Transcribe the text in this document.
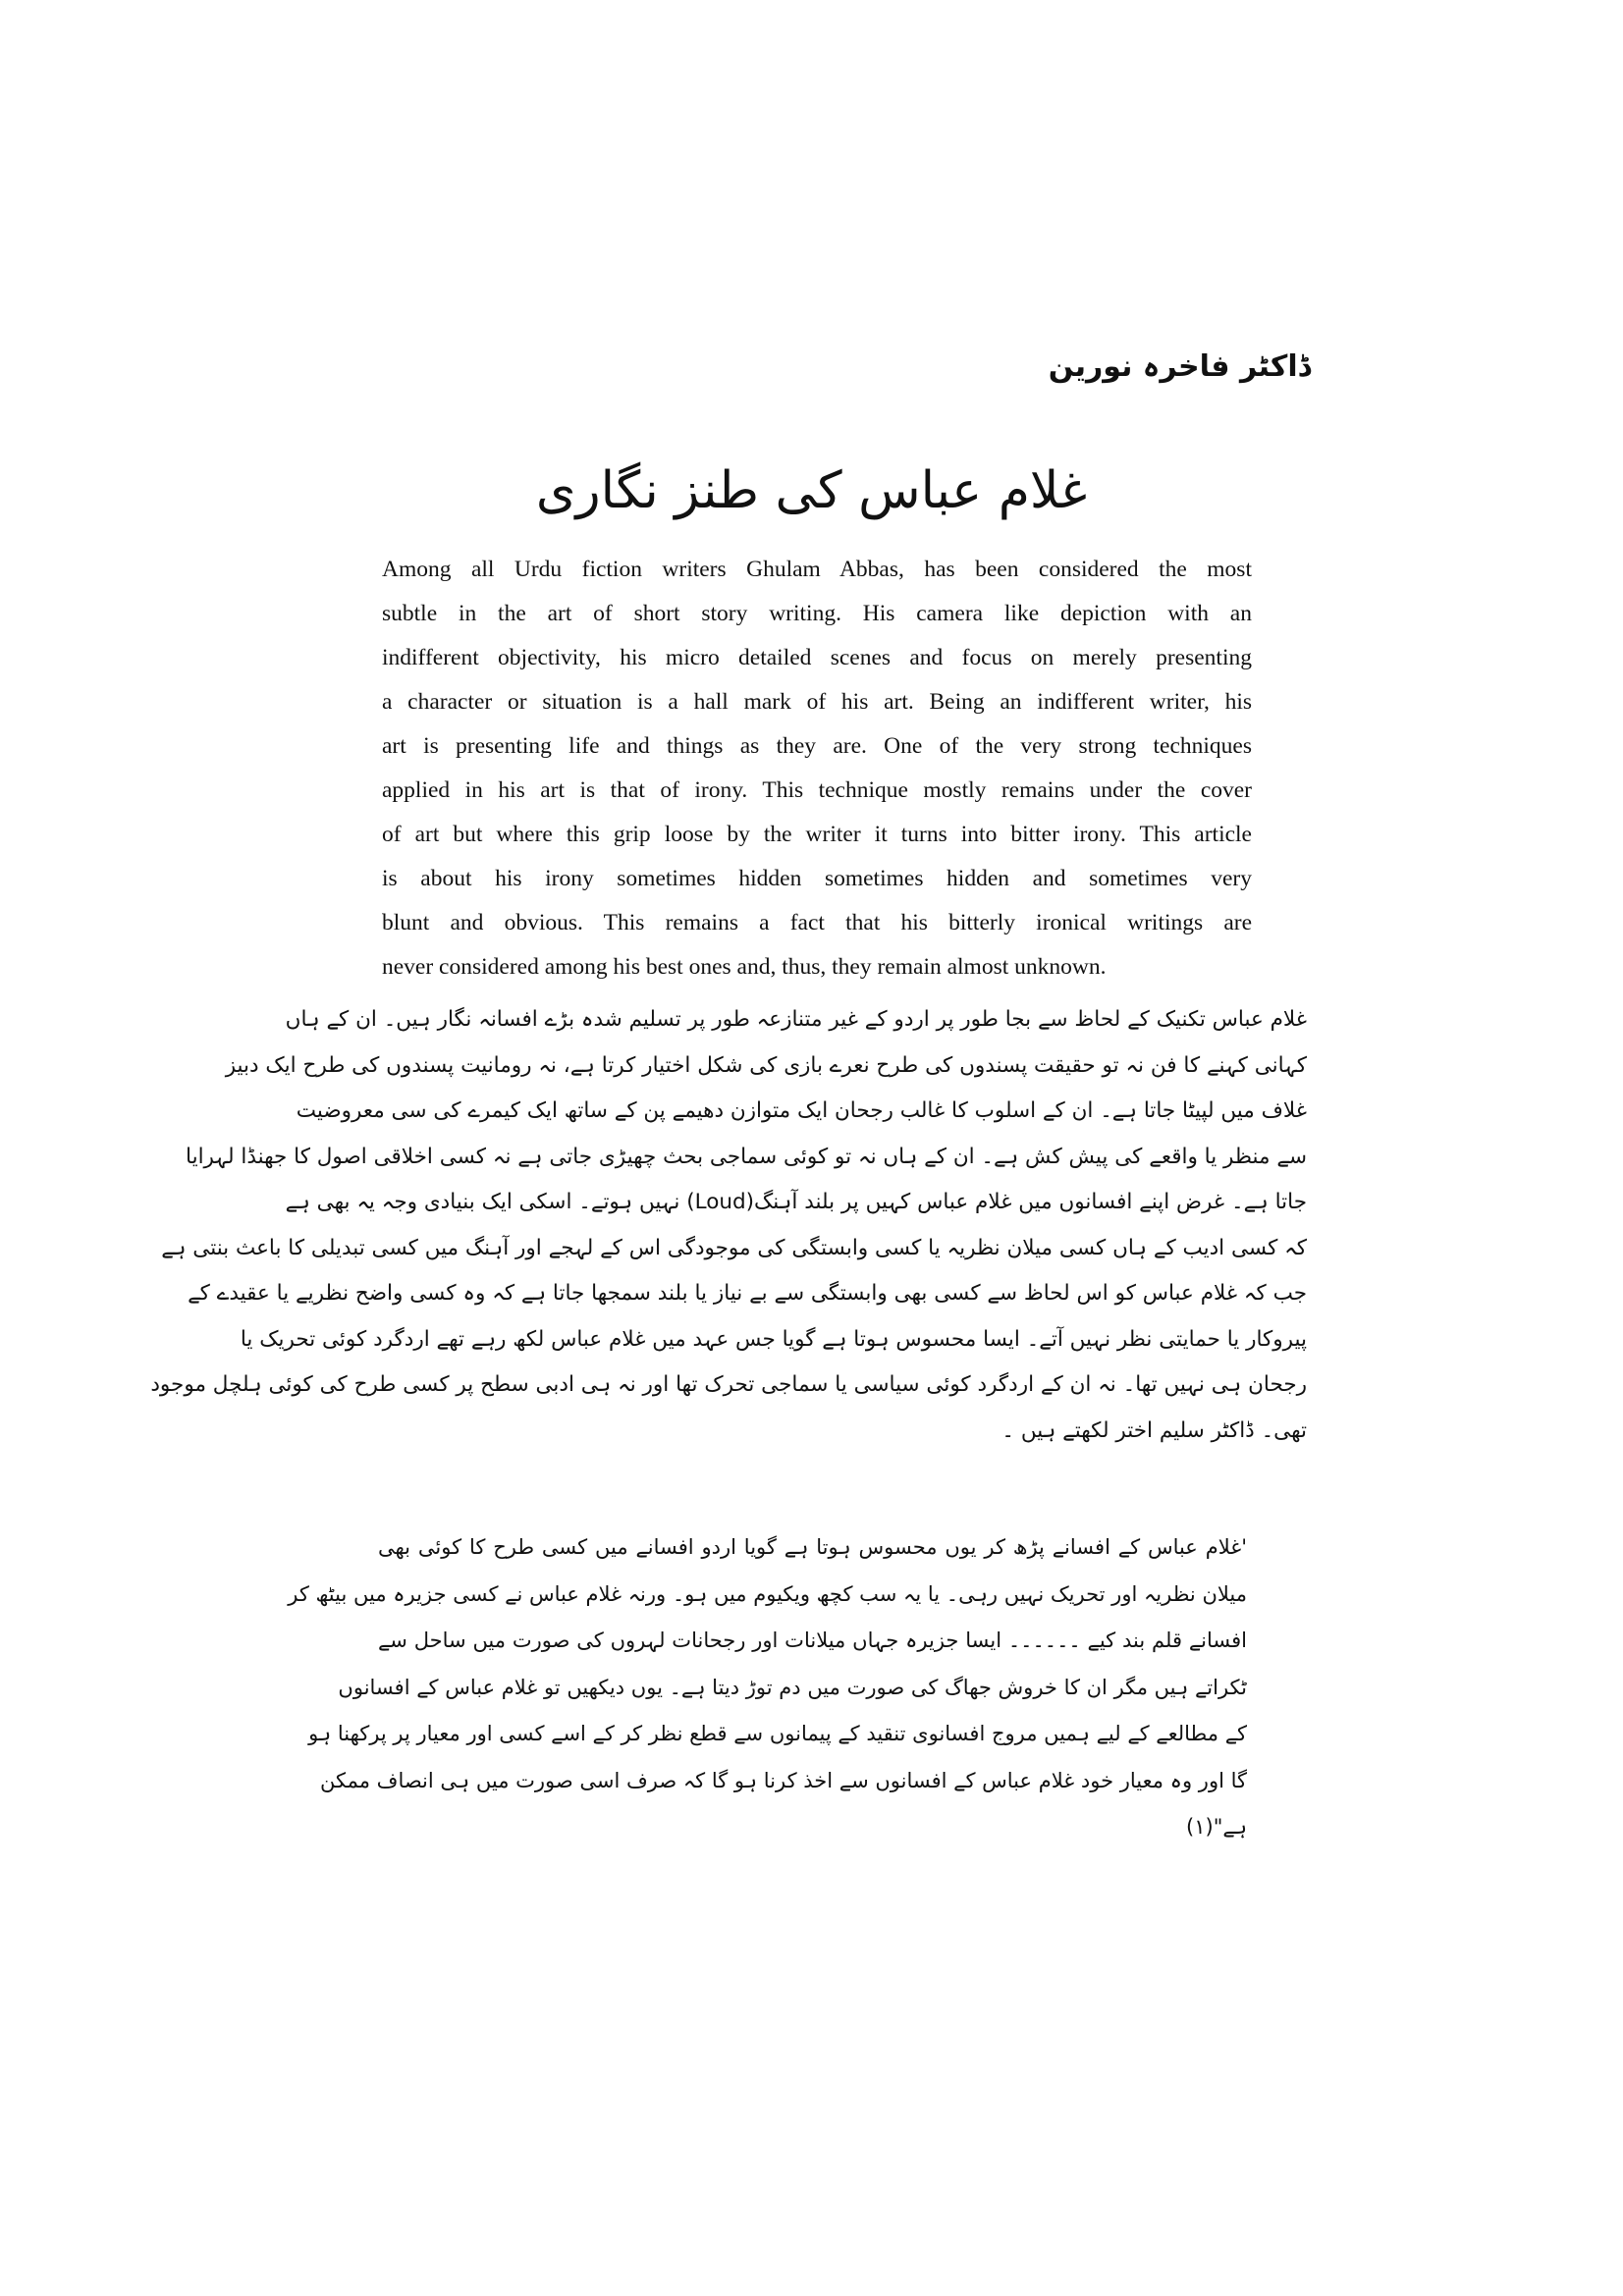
ڈاکٹر فاخرہ نورین
غلام عباس کی طنز نگاری
Among all Urdu fiction writers Ghulam Abbas, has been considered the most
subtle in the art of short story writing. His camera like depiction with an
indifferent objectivity, his micro detailed scenes and focus on merely presenting
a character or situation is a hall mark of his art. Being an indifferent writer, his
art is presenting life and things as they are. One of the very strong techniques
applied in his art is that of irony. This technique mostly remains under the cover
of art but where this grip loose by the writer it turns into bitter irony. This article
is about his irony sometimes hidden sometimes hidden and sometimes very
blunt and obvious. This remains a fact that his bitterly ironical writings are
never considered among his best ones and, thus, they remain almost unknown.
غلام عباس تکنیک کے لحاظ سے بجا طور پر اردو کے غیر متنازعہ طور پر تسلیم شدہ بڑے افسانہ نگار ہیں۔ ان کے ہاں
کہانی کہنے کا فن نہ تو حقیقت پسندوں کی طرح نعرے بازی کی شکل اختیار کرتا ہے، نہ رومانیت پسندوں کی طرح ایک دبیز
غلاف میں لپیٹا جاتا ہے۔ ان کے اسلوب کا غالب رجحان ایک متوازن دھیمے پن کے ساتھ ایک کیمرے کی سی معروضیت
سے منظر یا واقعے کی پیش کش ہے۔ ان کے ہاں نہ تو کوئی سماجی بحث چھیڑی جاتی ہے نہ کسی اخلاقی اصول کا جھنڈا لہرایا
جاتا ہے۔ غرض اپنے افسانوں میں غلام عباس کہیں پر بلند آہنگ(Loud) نہیں ہوتے۔ اسکی ایک بنیادی وجہ یہ بھی ہے
کہ کسی ادیب کے ہاں کسی میلان نظریہ یا کسی وابستگی کی موجودگی اس کے لہجے اور آہنگ میں کسی تبدیلی کا باعث بنتی ہے
جب کہ غلام عباس کو اس لحاظ سے کسی بھی وابستگی سے بے نیاز یا بلند سمجھا جاتا ہے کہ وہ کسی واضح نظریے یا عقیدے کے
پیروکار یا حمایتی نظر نہیں آتے۔ ایسا محسوس ہوتا ہے گویا جس عہد میں غلام عباس لکھ رہے تھے اردگرد کوئی تحریک یا
رجحان ہی نہیں تھا۔ نہ ان کے اردگرد کوئی سیاسی یا سماجی تحرک تھا اور نہ ہی ادبی سطح پر کسی طرح کی کوئی ہلچل موجود
تھی۔ ڈاکٹر سلیم اختر لکھتے ہیں ۔
'غلام عباس کے افسانے پڑھ کر یوں محسوس ہوتا ہے گویا اردو افسانے میں کسی طرح کا کوئی بھی
میلان نظریہ اور تحریک نہیں رہی۔ یا یہ سب کچھ ویکیوم میں ہو۔ ورنہ غلام عباس نے کسی جزیرہ میں بیٹھ کر
افسانے قلم بند کیے ۔۔۔۔۔۔ ایسا جزیرہ جہاں میلانات اور رجحانات لہروں کی صورت میں ساحل سے
ٹکراتے ہیں مگر ان کا خروش جھاگ کی صورت میں دم توڑ دیتا ہے۔ یوں دیکھیں تو غلام عباس کے افسانوں
کے مطالعے کے لیے ہمیں مروج افسانوی تنقید کے پیمانوں سے قطع نظر کر کے اسے کسی اور معیار پر پرکھنا ہو
گا اور وہ معیار خود غلام عباس کے افسانوں سے اخذ کرنا ہو گا کہ صرف اسی صورت میں ہی انصاف ممکن
ہے"(۱)
